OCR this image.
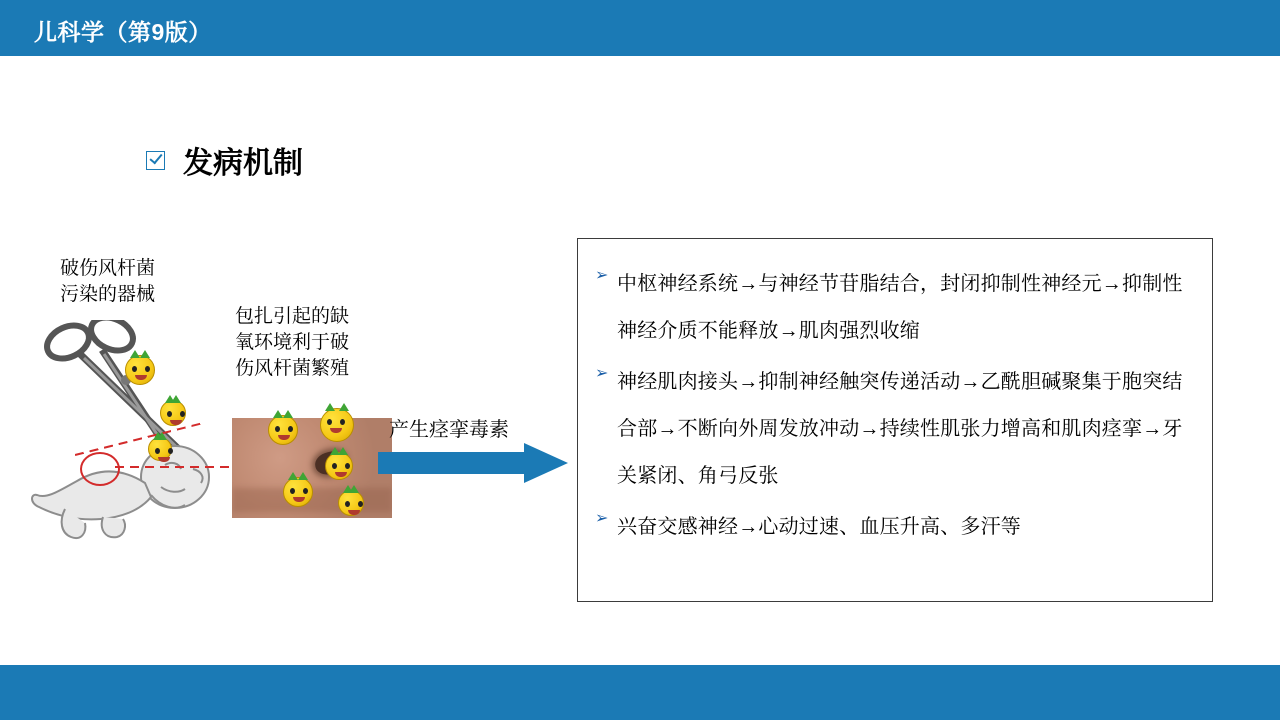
儿科学（第9版）
发病机制
破伤风杆菌
污染的器械
包扎引起的缺
氧环境利于破
伤风杆菌繁殖
产生痉挛毒素
➢ 中枢神经系统→与神经节苷脂结合，封闭抑制性神经元→抑制性神经介质不能释放→肌肉强烈收缩
➢ 神经肌肉接头→抑制神经触突传递活动→乙酰胆碱聚集于胞突结合部→不断向外周发放冲动→持续性肌张力增高和肌肉痉挛→牙关紧闭、角弓反张
➢ 兴奋交感神经→心动过速、血压升高、多汗等
